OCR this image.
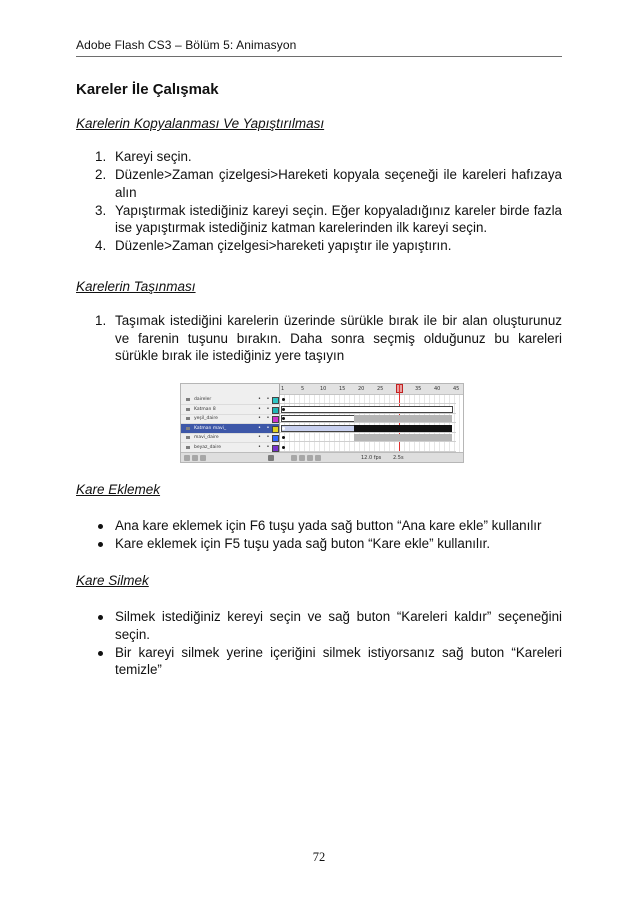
Adobe Flash CS3 – Bölüm 5: Animasyon
Kareler İle Çalışmak
Karelerin Kopyalanması Ve Yapıştırılması
1. Kareyi seçin.
2. Düzenle>Zaman çizelgesi>Hareketi kopyala seçeneği ile kareleri hafızaya alın
3. Yapıştırmak istediğiniz kareyi seçin. Eğer kopyaladığınız kareler birde fazla ise yapıştırmak istediğiniz katman karelerinden ilk kareyi seçin.
4. Düzenle>Zaman çizelgesi>hareketi yapıştır ile yapıştırın.
Karelerin Taşınması
1. Taşımak istediğini karelerin üzerinde sürükle bırak ile bir alan oluşturunuz ve farenin tuşunu bırakın. Daha sonra seçmiş olduğunuz bu kareleri sürükle bırak ile istediğiniz yere taşıyın
1	5	10	15	20	25	35	40	45
daireler	• •
Katman 8	• •
yeşil_daire	• •
Katman mavi_	• •
mavi_daire	• •
beyaz_daire	• •
12.0 fps 2.5s
Kare Eklemek
Ana kare eklemek için F6 tuşu yada sağ button “Ana kare ekle” kullanılır
Kare eklemek için F5 tuşu yada sağ buton “Kare ekle” kullanılır.
Kare Silmek
Silmek istediğiniz kereyi seçin ve sağ buton “Kareleri kaldır” seçeneğini seçin.
Bir kareyi silmek yerine içeriğini silmek istiyorsanız sağ buton “Kareleri temizle”
72
